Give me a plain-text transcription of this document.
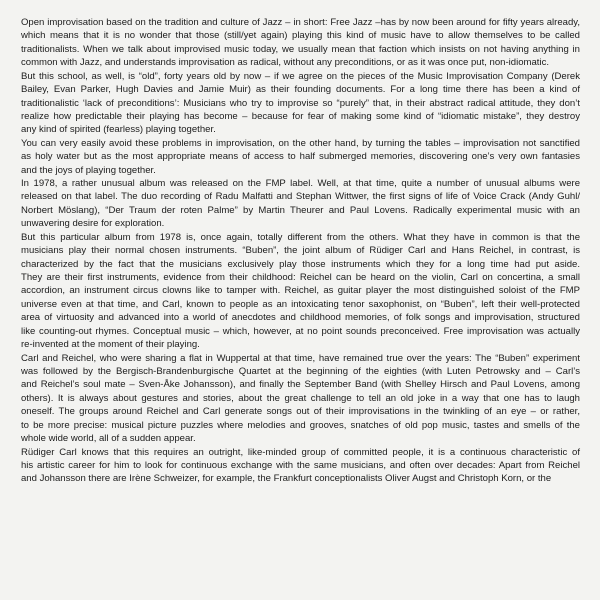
Open improvisation based on the tradition and culture of Jazz – in short: Free Jazz –has by now been around for fifty years already,
which means that it is no wonder that those (still/yet again) playing this kind of music have to allow themselves to be called
traditionalists. When we talk about improvised music today, we usually mean that faction which insists on not having anything in
common with Jazz, and understands improvisation as radical, without any preconditions, or as it was once put, non-idiomatic.

But this school, as well, is “old”, forty years old by now – if we agree on the pieces of the Music Improvisation Company (Derek
Bailey, Evan Parker, Hugh Davies and Jamie Muir) as their founding documents. For a long time there has been a kind of
traditionalistic ‘lack of preconditions’: Musicians who try to improvise so “purely” that, in their abstract radical attitude, they don’t
realize how predictable their playing has become – because for fear of making some kind of “idiomatic mistake”, they destroy
any kind of spirited (fearless) playing together.

You can very easily avoid these problems in improvisation, on the other hand, by turning the tables – improvisation not sanctified
as holy water but as the most appropriate means of access to half submerged memories, discovering one’s very own fantasies
and the joys of playing together.

In 1978, a rather unusual album was released on the FMP label. Well, at that time, quite a number of unusual albums were
released on that label. The duo recording of Radu Malfatti and Stephan Wittwer, the first signs of life of Voice Crack (Andy Guhl/
Norbert Möslang), “Der Traum der roten Palme” by Martin Theurer and Paul Lovens. Radically experimental music with an
unwavering desire for exploration.

But this particular album from 1978 is, once again, totally different from the others. What they have in common is that the
musicians play their normal chosen instruments. “Buben”, the joint album of Rüdiger Carl and Hans Reichel, in contrast, is
characterized by the fact that the musicians exclusively play those instruments which they for a long time had put aside.
They are their first instruments, evidence from their childhood: Reichel can be heard on the violin, Carl on concertina, a small
accordion, an instrument circus clowns like to tamper with. Reichel, as guitar player the most distinguished soloist of the FMP
universe even at that time, and Carl, known to people as an intoxicating tenor saxophonist, on “Buben”, left their well-protected
area of virtuosity and advanced into a world of anecdotes and childhood memories, of folk songs and improvisation, structured
like counting-out rhymes. Conceptual music – which, however, at no point sounds preconceived. Free improvisation was actually
re-invented at the moment of their playing.

Carl and Reichel, who were sharing a flat in Wuppertal at that time, have remained true over the years: The “Buben” experiment
was followed by the Bergisch-Brandenburgische Quartet at the beginning of the eighties (with Luten Petrowsky and – Carl’s
and Reichel’s soul mate – Sven-Åke Johansson), and finally the September Band (with Shelley Hirsch and Paul Lovens, among
others). It is always about gestures and stories, about the great challenge to tell an old joke in a way that one has to laugh
oneself. The groups around Reichel and Carl generate songs out of their improvisations in the twinkling of an eye – or rather,
to be more precise: musical picture puzzles where melodies and grooves, snatches of old pop music, tastes and smells of the
whole wide world, all of a sudden appear.

Rüdiger Carl knows that this requires an outright, like-minded group of committed people, it is a continuous characteristic of
his artistic career for him to look for continuous exchange with the same musicians, and often over decades: Apart from Reichel
and Johansson there are Irène Schweizer, for example, the Frankfurt conceptionalists Oliver Augst and Christoph Korn, or the
